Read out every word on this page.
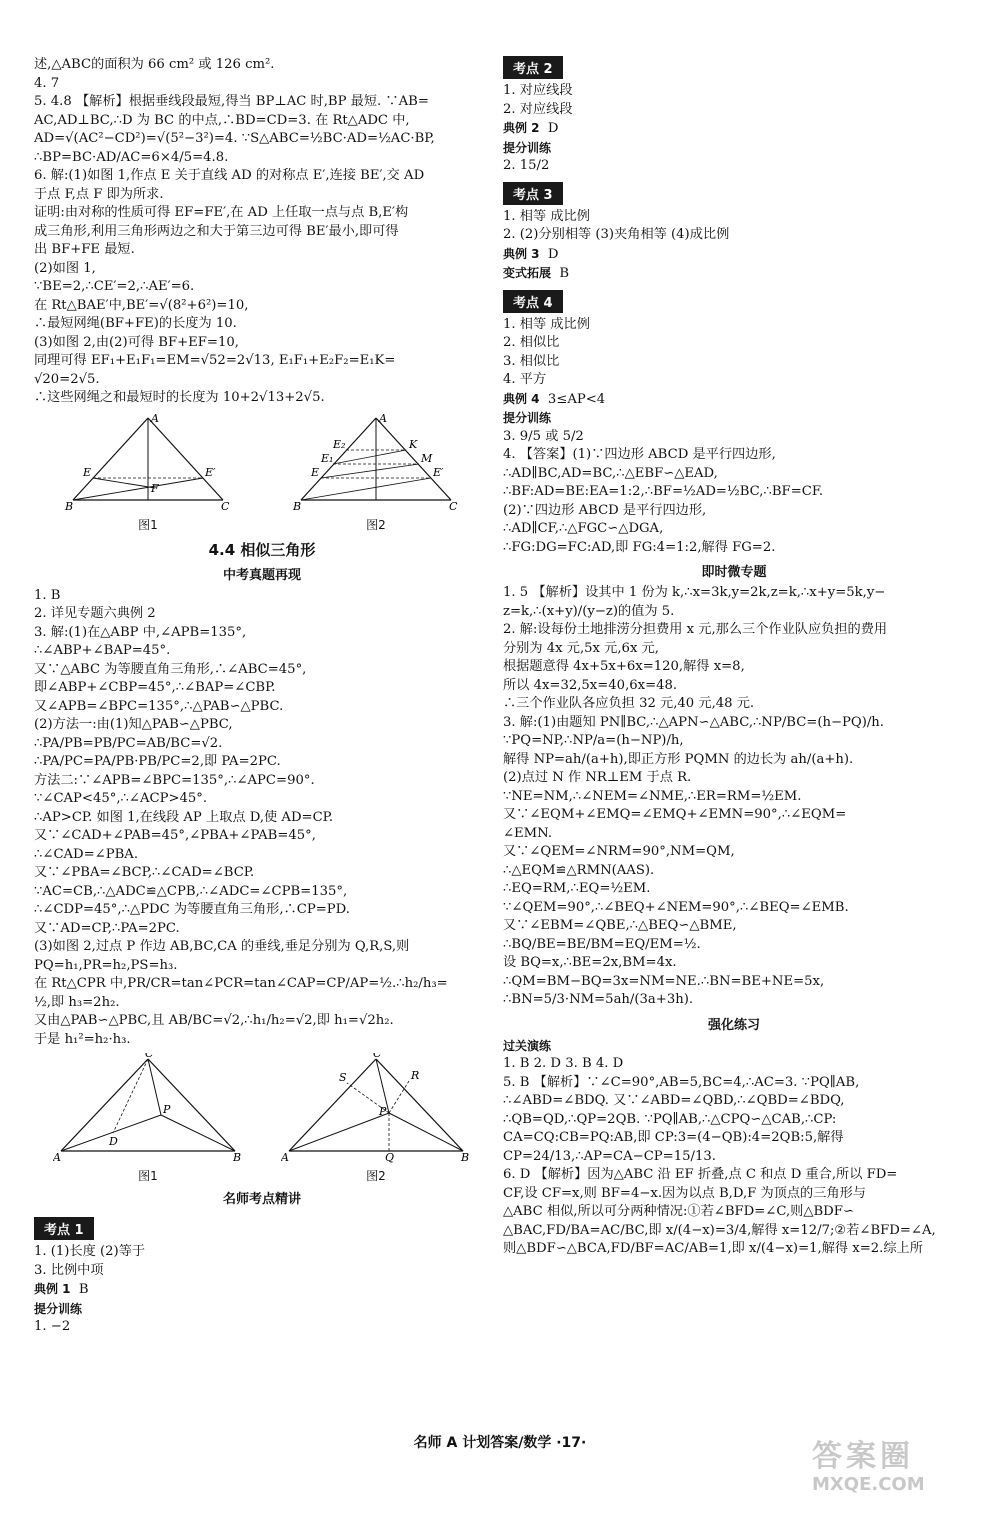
述,△ABC的面积为 66 cm² 或 126 cm².
4. 7
5. 4.8 【解析】根据垂线段最短,得当 BP⊥AC 时,BP 最短. ∵AB=
AC,AD⊥BC,∴D 为 BC 的中点,∴BD=CD=3. 在 Rt△ADC 中,
AD=√(AC²−CD²)=√(5²−3²)=4. ∵S△ABC=½BC·AD=½AC·BP,
∴BP=BC·AD/AC=6×4/5=4.8.
6. 解:(1)如图 1,作点 E 关于直线 AD 的对称点 E′,连接 BE′,交 AD
于点 F,点 F 即为所求.
证明:由对称的性质可得 EF=FE′,在 AD 上任取一点与点 B,E′构
成三角形,利用三角形两边之和大于第三边可得 BE′最小,即可得
出 BF+FE 最短.
(2)如图 1,
∵BE=2,∴CE′=2,∴AE′=6.
在 Rt△BAE′中,BE′=√(8²+6²)=10,
∴最短网绳(BF+FE)的长度为 10.
(3)如图 2,由(2)可得 BF+EF=10,
同理可得 EF₁+E₁F₁=EM=√52=2√13, E₁F₁+E₂F₂=E₁K=
√20=2√5.
∴这些网绳之和最短时的长度为 10+2√13+2√5.
A
B	C
E	E′
F
图1
A
B	C
E
E₁
E₂	K
M
E′
图2
4.4 相似三角形
中考真题再现
1. B
2. 详见专题六典例 2
3. 解:(1)在△ABP 中,∠APB=135°,
∴∠ABP+∠BAP=45°.
又∵△ABC 为等腰直角三角形,∴∠ABC=45°,
即∠ABP+∠CBP=45°,∴∠BAP=∠CBP.
又∠APB=∠BPC=135°,∴△PAB∽△PBC.
(2)方法一:由(1)知△PAB∽△PBC,
∴PA/PB=PB/PC=AB/BC=√2.
∴PA/PC=PA/PB·PB/PC=2,即 PA=2PC.
方法二:∵∠APB=∠BPC=135°,∴∠APC=90°.
∵∠CAP<45°,∴∠ACP>45°.
∴AP>CP. 如图 1,在线段 AP 上取点 D,使 AD=CP.
又∵∠CAD+∠PAB=45°,∠PBA+∠PAB=45°,
∴∠CAD=∠PBA.
又∵∠PBA=∠BCP,∴∠CAD=∠BCP.
∵AC=CB,∴△ADC≌△CPB,∴∠ADC=∠CPB=135°,
∴∠CDP=45°,∴△PDC 为等腰直角三角形,∴CP=PD.
又∵AD=CP,∴PA=2PC.
(3)如图 2,过点 P 作边 AB,BC,CA 的垂线,垂足分别为 Q,R,S,则
PQ=h₁,PR=h₂,PS=h₃.
在 Rt△CPR 中,PR/CR=tan∠PCR=tan∠CAP=CP/AP=½.∴h₂/h₃=
½,即 h₃=2h₂.
又由△PAB∽△PBC,且 AB/BC=√2,∴h₁/h₂=√2,即 h₁=√2h₂.
于是 h₁²=h₂·h₃.
C
A	B
P
D
图1
C
A	B
P
Q
S	R
图2
名师考点精讲
考点 1
1. (1)长度 (2)等于
3. 比例中项
典例 1 B
提分训练
1. −2
考点 2
1. 对应线段
2. 对应线段
典例 2 D
提分训练
2. 15/2
考点 3
1. 相等 成比例
2. (2)分别相等 (3)夹角相等 (4)成比例
典例 3 D
变式拓展 B
考点 4
1. 相等 成比例
2. 相似比
3. 相似比
4. 平方
典例 4 3≤AP<4
提分训练
3. 9/5 或 5/2
4. 【答案】(1)∵四边形 ABCD 是平行四边形,
∴AD∥BC,AD=BC,∴△EBF∽△EAD,
∴BF:AD=BE:EA=1:2,∴BF=½AD=½BC,∴BF=CF.
(2)∵四边形 ABCD 是平行四边形,
∴AD∥CF,∴△FGC∽△DGA,
∴FG:DG=FC:AD,即 FG:4=1:2,解得 FG=2.
即时微专题
1. 5 【解析】设其中 1 份为 k,∴x=3k,y=2k,z=k,∴x+y=5k,y−
z=k,∴(x+y)/(y−z)的值为 5.
2. 解:设每份土地排涝分担费用 x 元,那么三个作业队应负担的费用
分别为 4x 元,5x 元,6x 元,
根据题意得 4x+5x+6x=120,解得 x=8,
所以 4x=32,5x=40,6x=48.
∴三个作业队各应负担 32 元,40 元,48 元.
3. 解:(1)由题知 PN∥BC,∴△APN∽△ABC,∴NP/BC=(h−PQ)/h.
∵PQ=NP,∴NP/a=(h−NP)/h,
解得 NP=ah/(a+h),即正方形 PQMN 的边长为 ah/(a+h).
(2)点过 N 作 NR⊥EM 于点 R.
∵NE=NM,∴∠NEM=∠NME,∴ER=RM=½EM.
又∵∠EQM+∠EMQ=∠EMQ+∠EMN=90°,∴∠EQM=
∠EMN.
又∵∠QEM=∠NRM=90°,NM=QM,
∴△EQM≌△RMN(AAS).
∴EQ=RM,∴EQ=½EM.
∵∠QEM=90°,∴∠BEQ+∠NEM=90°,∴∠BEQ=∠EMB.
又∵∠EBM=∠QBE,∴△BEQ∽△BME,
∴BQ/BE=BE/BM=EQ/EM=½.
设 BQ=x,∴BE=2x,BM=4x.
∴QM=BM−BQ=3x=NM=NE.∴BN=BE+NE=5x,
∴BN=5/3·NM=5ah/(3a+3h).
强化练习
过关演练
1. B 2. D 3. B 4. D
5. B 【解析】∵∠C=90°,AB=5,BC=4,∴AC=3. ∵PQ∥AB,
∴∠ABD=∠BDQ. 又∵∠ABD=∠QBD,∴∠QBD=∠BDQ,
∴QB=QD,∴QP=2QB. ∵PQ∥AB,∴△CPQ∽△CAB,∴CP:
CA=CQ:CB=PQ:AB,即 CP:3=(4−QB):4=2QB:5,解得
CP=24/13,∴AP=CA−CP=15/13.
6. D 【解析】因为△ABC 沿 EF 折叠,点 C 和点 D 重合,所以 FD=
CF,设 CF=x,则 BF=4−x.因为以点 B,D,F 为顶点的三角形与
△ABC 相似,所以可分两种情况:①若∠BFD=∠C,则△BDF∽
△BAC,FD/BA=AC/BC,即 x/(4−x)=3/4,解得 x=12/7;②若∠BFD=∠A,
则△BDF∽△BCA,FD/BF=AC/AB=1,即 x/(4−x)=1,解得 x=2.综上所
名师 A 计划答案/数学 ·17·	答案圈
MXQE.COM
